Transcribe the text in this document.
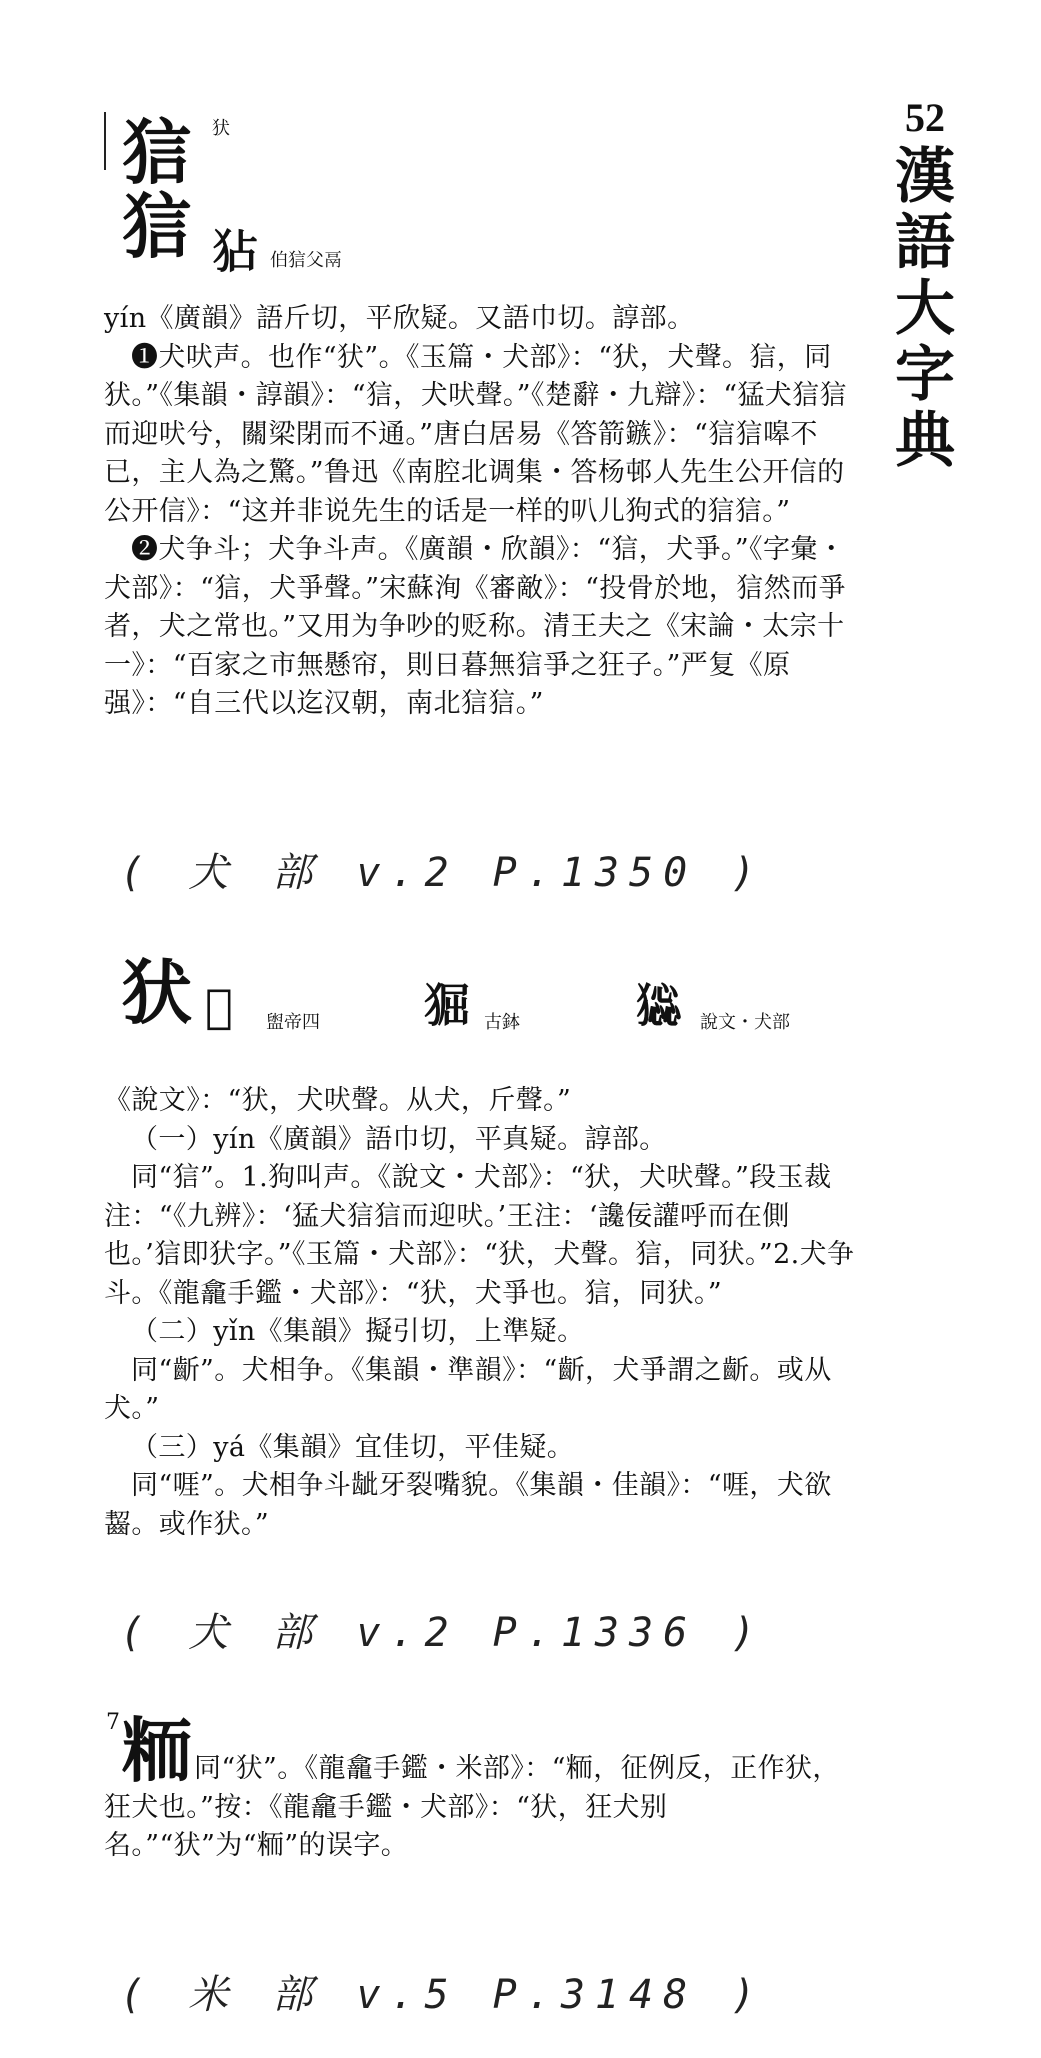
52
漢
語
大
字
典
狺 犾
狺 𤝓 伯狺父鬲

yín《廣韻》語斤切，平欣疑。又語巾切。諄部。

❶犬吠声。也作“犾”。《玉篇・犬部》：“犾，犬聲。狺，同犾。”《集韻・諄韻》：“狺，犬吠聲。”《楚辭・九辯》：“猛犬狺狺而迎吠兮，關梁閉而不通。”唐白居易《答箭鏃》：“狺狺嗥不已，主人為之驚。”鲁迅《南腔北调集・答杨邨人先生公开信的公开信》：“这并非说先生的话是一样的叭儿狗式的狺狺。”

❷犬争斗；犬争斗声。《廣韻・欣韻》：“狺，犬爭。”《字彙・犬部》：“狺，犬爭聲。”宋蘇洵《審敵》：“投骨於地，狺然而爭者，犬之常也。”又用为争吵的贬称。清王夫之《宋論・太宗十一》：“百家之市無懸帘，則日暮無狺爭之狂子。”严复《原强》：“自三代以迄汉朝，南北狺狺。”

( 犬 部 v.2 P.1350 )
犾 𤞷 盥帝四 𤟎 古鉢	𤡧 說文・犬部

《說文》：“犾，犬吠聲。从犬，斤聲。”

（一）yín《廣韻》語巾切，平真疑。諄部。

同“狺”。1.狗叫声。《說文・犬部》：“犾，犬吠聲。”段玉裁注：“《九辨》：‘猛犬狺狺而迎吠。’王注：‘讒佞讙呼而在側也。’狺即犾字。”《玉篇・犬部》：“犾，犬聲。狺，同犾。”2.犬争斗。《龍龕手鑑・犬部》：“犾，犬爭也。狺，同犾。”

（二）yǐn《集韻》擬引切，上準疑。

同“齗”。犬相争。《集韻・準韻》：“齗，犬爭謂之齗。或从犬。”

（三）yá《集韻》宜佳切，平佳疑。

同“啀”。犬相争斗龇牙裂嘴貌。《集韻・佳韻》：“啀，犬欲齧。或作犾。”

( 犬 部 v.2 P.1336 )
7 粫 同“犾”。《龍龕手鑑・米部》：“粫，征例反，正作犾，狂犬也。”按：《龍龕手鑑・犬部》：“犾，狂犬别名。”“犾”为“粫”的误字。

( 米 部 v.5 P.3148 )
